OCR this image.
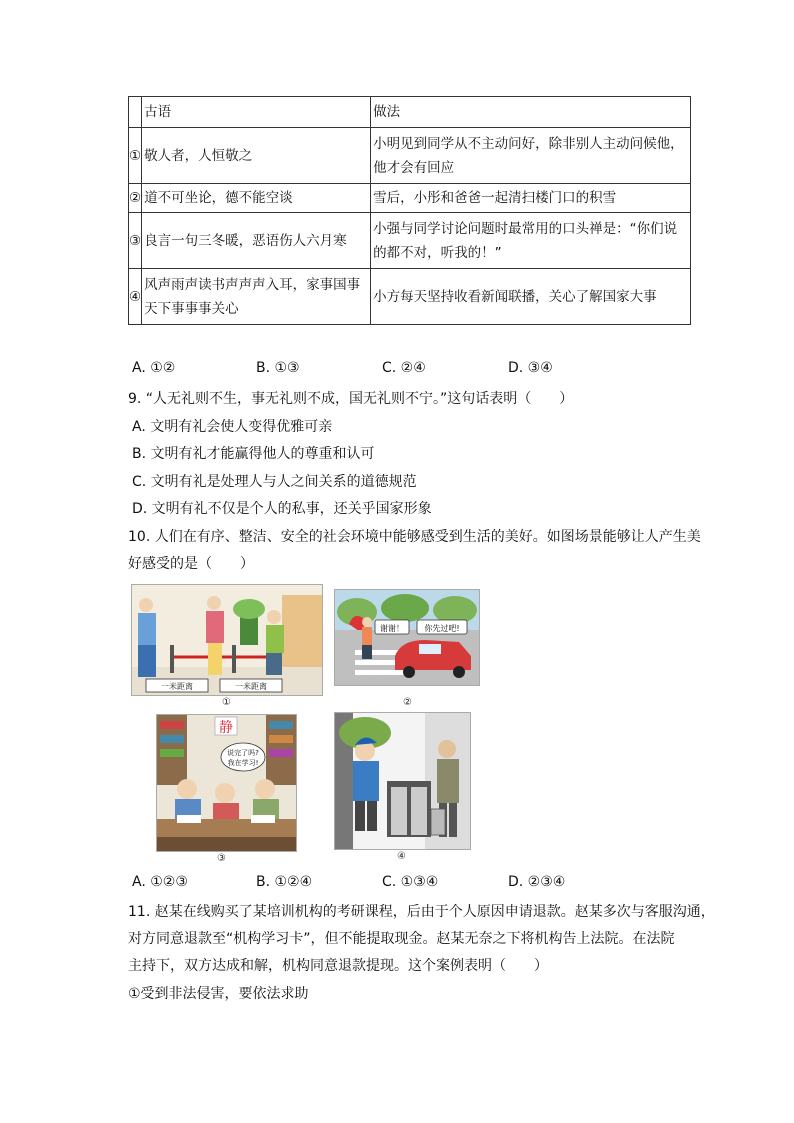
	古语	做法
①	敬人者，人恒敬之	小明见到同学从不主动问好，除非别人主动问候他，
他才会有回应

②	道不可坐论，德不能空谈	雪后，小彤和爸爸一起清扫楼门口的积雪
③	良言一句三冬暖，恶语伤人六月寒	小强与同学讨论问题时最常用的口头禅是：“你们说
的都不对，听我的！”

④	风声雨声读书声声声入耳，家事国事
天下事事事关心	小方每天坚持收看新闻联播，关心了解国家大事
A. ①②	B. ①③	C. ②④	D. ③④
9. “人无礼则不生，事无礼则不成，国无礼则不宁。”这句话表明（　　）
A. 文明有礼会使人变得优雅可亲
B. 文明有礼才能赢得他人的尊重和认可
C. 文明有礼是处理人与人之间关系的道德规范
D. 文明有礼不仅是个人的私事，还关乎国家形象
10. 人们在有序、整洁、安全的社会环境中能够感受到生活的美好。如图场景能够让人产生美
好感受的是（　　）
一米距离	一米距离
①
谢谢！	你先过吧!
②
静
说完了吗?
我在学习!
③	④
A. ①②③	B. ①②④	C. ①③④	D. ②③④
11. 赵某在线购买了某培训机构的考研课程，后由于个人原因申请退款。赵某多次与客服沟通，
对方同意退款至“机构学习卡”，但不能提取现金。赵某无奈之下将机构告上法院。在法院
主持下，双方达成和解，机构同意退款提现。这个案例表明（　　）
①受到非法侵害，要依法求助
